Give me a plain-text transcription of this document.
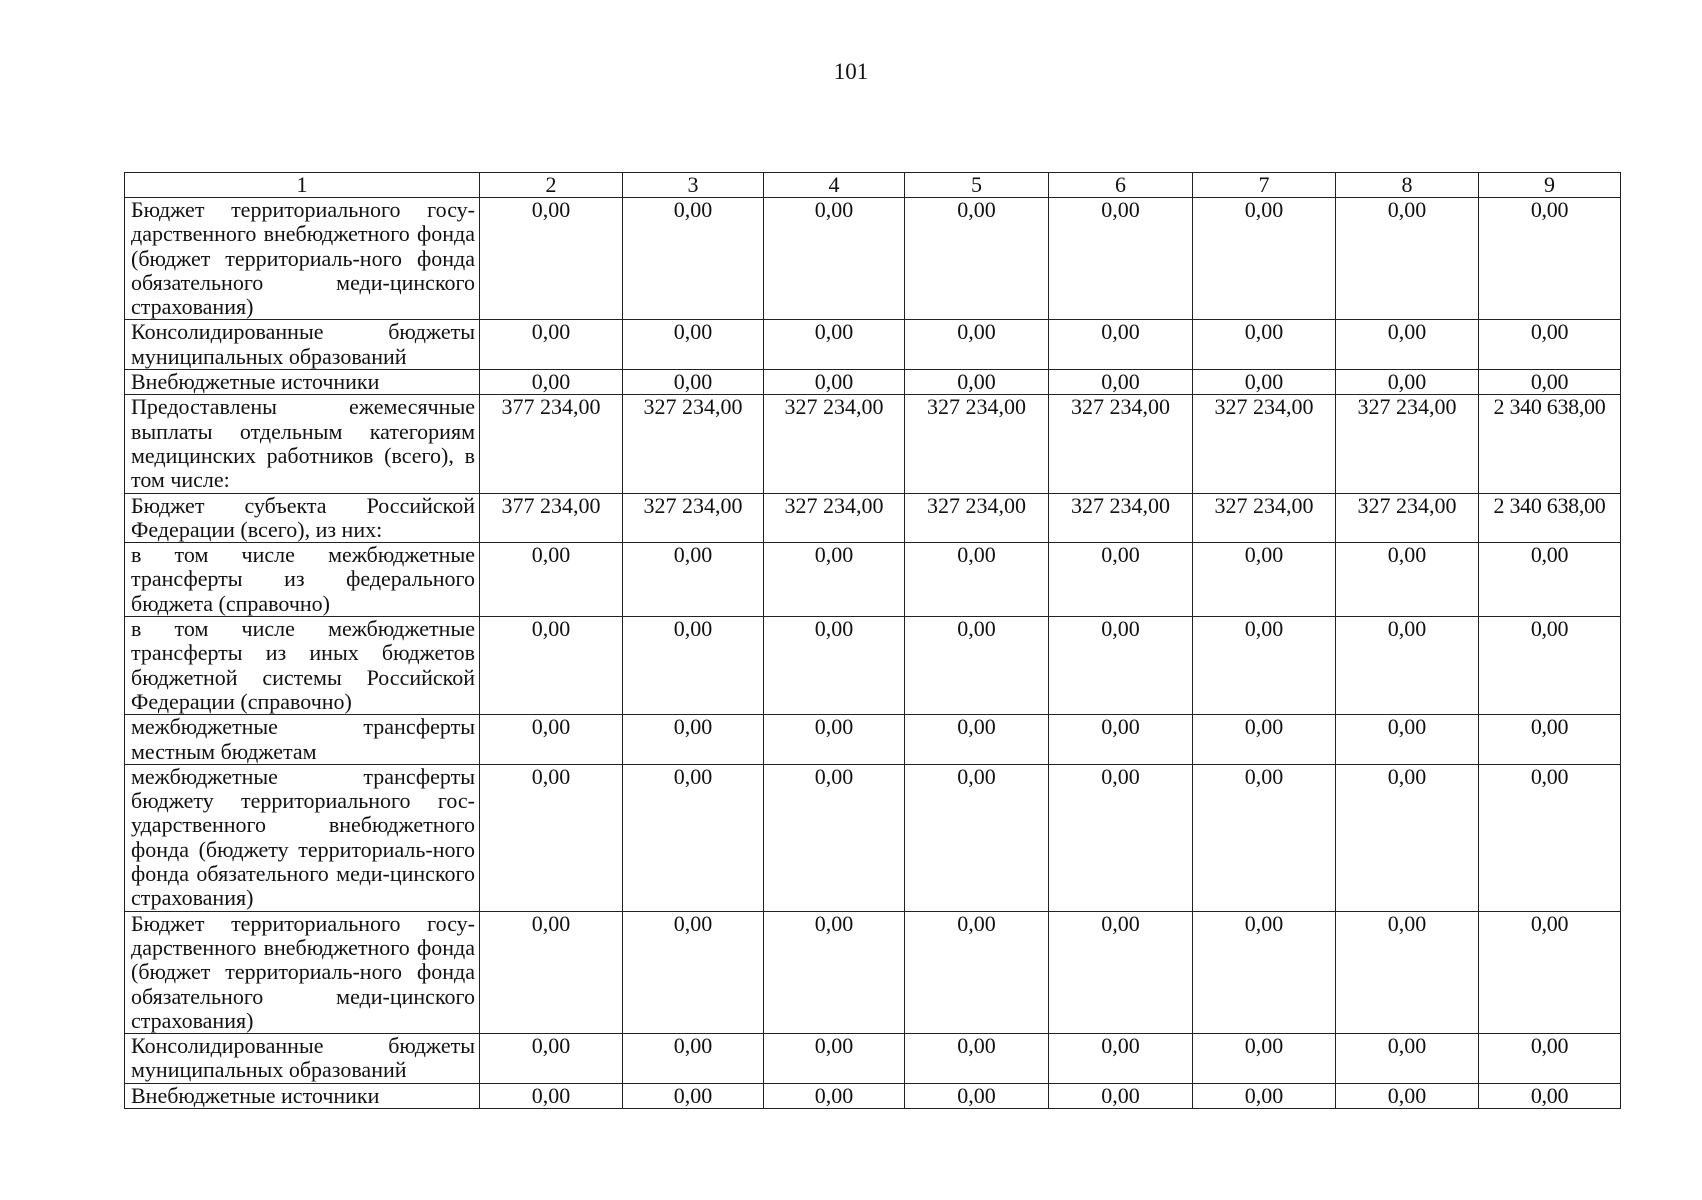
101
1	2	3	4	5	6	7	8	9
Бюджет территориального госу-дарственного внебюджетного фонда (бюджет территориаль-ного фонда обязательного меди-цинского страхования)	0,00	0,00	0,00	0,00	0,00	0,00	0,00	0,00
Консолидированные бюджеты муниципальных образований	0,00	0,00	0,00	0,00	0,00	0,00	0,00	0,00
Внебюджетные источники	0,00	0,00	0,00	0,00	0,00	0,00	0,00	0,00
Предоставлены ежемесячные выплаты отдельным категориям медицинских работников (всего), в том числе:	377 234,00	327 234,00	327 234,00	327 234,00	327 234,00	327 234,00	327 234,00	2 340 638,00
Бюджет субъекта Российской Федерации (всего), из них:	377 234,00	327 234,00	327 234,00	327 234,00	327 234,00	327 234,00	327 234,00	2 340 638,00
в том числе межбюджетные трансферты из федерального бюджета (справочно)	0,00	0,00	0,00	0,00	0,00	0,00	0,00	0,00
в том числе межбюджетные трансферты из иных бюджетов бюджетной системы Российской Федерации (справочно)	0,00	0,00	0,00	0,00	0,00	0,00	0,00	0,00
межбюджетные трансферты местным бюджетам	0,00	0,00	0,00	0,00	0,00	0,00	0,00	0,00
межбюджетные трансферты бюджету территориального гос-ударственного внебюджетного фонда (бюджету территориаль-ного фонда обязательного меди-цинского страхования)	0,00	0,00	0,00	0,00	0,00	0,00	0,00	0,00
Бюджет территориального госу-дарственного внебюджетного фонда (бюджет территориаль-ного фонда обязательного меди-цинского страхования)	0,00	0,00	0,00	0,00	0,00	0,00	0,00	0,00
Консолидированные бюджеты муниципальных образований	0,00	0,00	0,00	0,00	0,00	0,00	0,00	0,00
Внебюджетные источники	0,00	0,00	0,00	0,00	0,00	0,00	0,00	0,00
